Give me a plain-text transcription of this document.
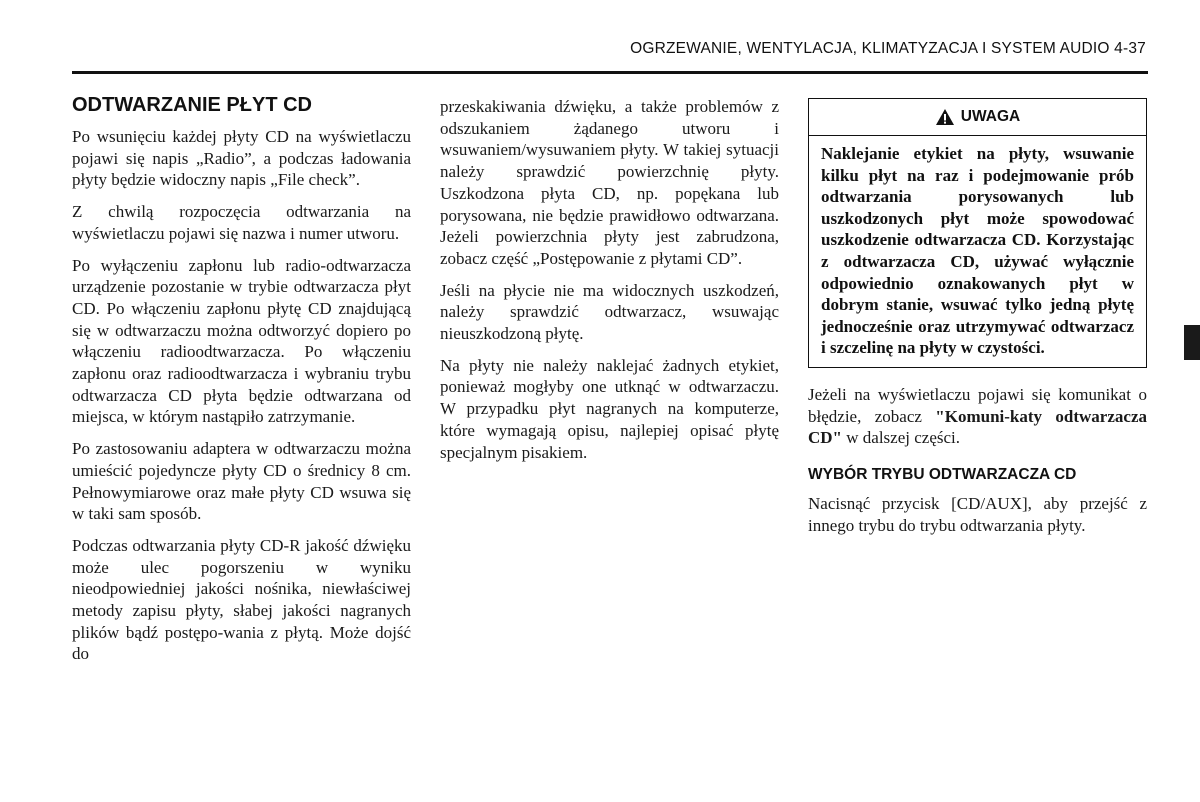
OGRZEWANIE, WENTYLACJA, KLIMATYZACJA I SYSTEM AUDIO 4-37
ODTWARZANIE PŁYT CD

Po wsunięciu każdej płyty CD na wyświetlaczu pojawi się napis „Radio”, a podczas ładowania płyty będzie widoczny napis „File check”.

Z chwilą rozpoczęcia odtwarzania na wyświetlaczu pojawi się nazwa i numer utworu.

Po wyłączeniu zapłonu lub radio-odtwarzacza urządzenie pozostanie w trybie odtwarzacza płyt CD. Po włączeniu zapłonu płytę CD znajdującą się w odtwarzaczu można odtworzyć dopiero po włączeniu radioodtwarzacza. Po włączeniu zapłonu oraz radioodtwarzacza i wybraniu trybu odtwarzacza CD płyta będzie odtwarzana od miejsca, w którym nastąpiło zatrzymanie.

Po zastosowaniu adaptera w odtwarzaczu można umieścić pojedyncze płyty CD o średnicy 8 cm. Pełnowymiarowe oraz małe płyty CD wsuwa się w taki sam sposób.

Podczas odtwarzania płyty CD-R jakość dźwięku może ulec pogorszeniu w wyniku nieodpowiedniej jakości nośnika, niewłaściwej metody zapisu płyty, słabej jakości nagranych plików bądź postępo-wania z płytą. Może dojść do

przeskakiwania dźwięku, a także problemów z odszukaniem żądanego utworu i wsuwaniem/wysuwaniem płyty. W takiej sytuacji należy sprawdzić powierzchnię płyty. Uszkodzona płyta CD, np. popękana lub porysowana, nie będzie prawidłowo odtwarzana. Jeżeli powierzchnia płyty jest zabrudzona, zobacz część „Postępowanie z płytami CD”.

Jeśli na płycie nie ma widocznych uszkodzeń, należy sprawdzić odtwarzacz, wsuwając nieuszkodzoną płytę.

Na płyty nie należy naklejać żadnych etykiet, ponieważ mogłyby one utknąć w odtwarzaczu. W przypadku płyt nagranych na komputerze, które wymagają opisu, najlepiej opisać płytę specjalnym pisakiem.

UWAGA
Naklejanie etykiet na płyty, wsuwanie kilku płyt na raz i podejmowanie prób odtwarzania porysowanych lub uszkodzonych płyt może spowodować uszkodzenie odtwarzacza CD. Korzystając z odtwarzacza CD, używać wyłącznie odpowiednio oznakowanych płyt w dobrym stanie, wsuwać tylko jedną płytę jednocześnie oraz utrzymywać odtwarzacz i szczelinę na płyty w czystości.

Jeżeli na wyświetlaczu pojawi się komunikat o błędzie, zobacz "Komuni-katy odtwarzacza CD" w dalszej części.

WYBÓR TRYBU ODTWARZACZA CD

Nacisnąć przycisk [CD/AUX], aby przejść z innego trybu do trybu odtwarzania płyty.
